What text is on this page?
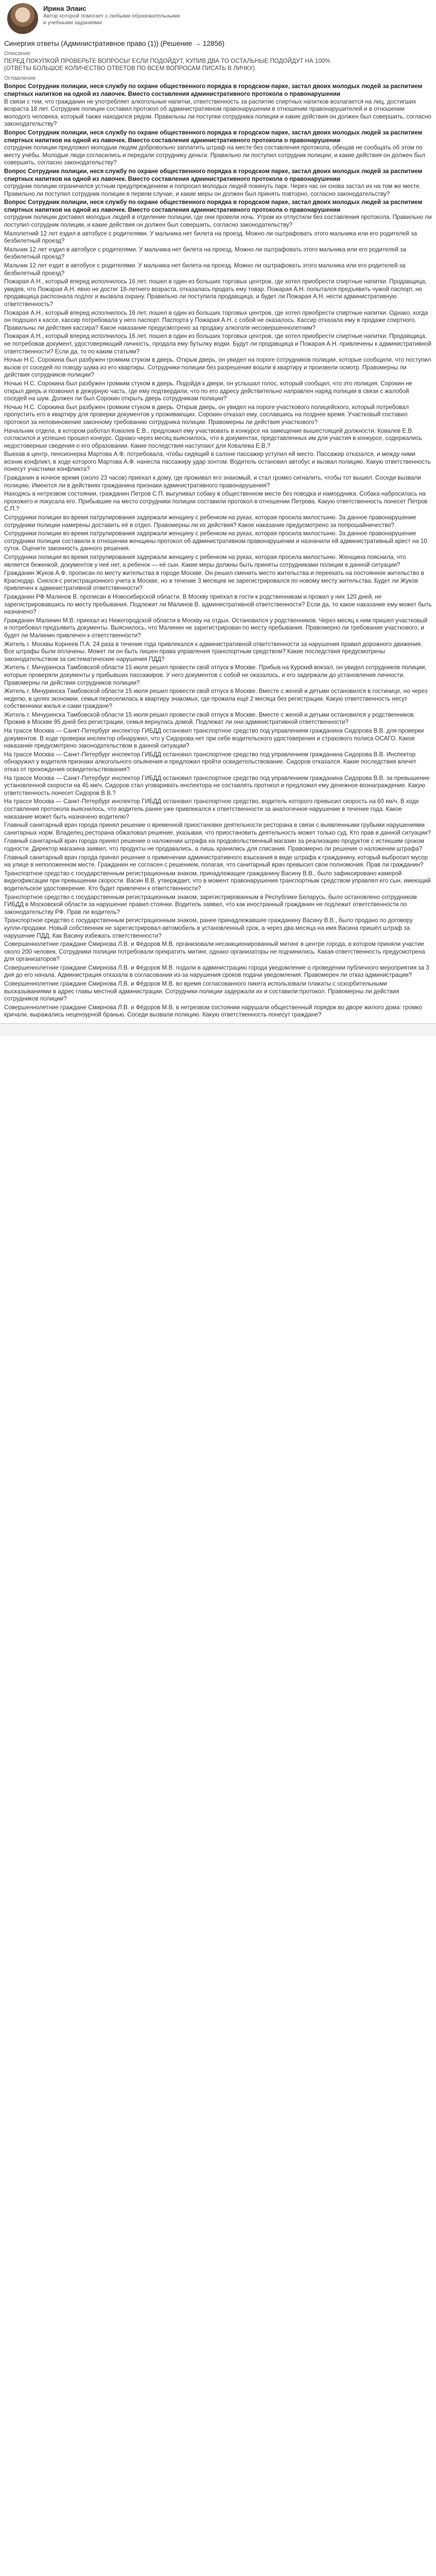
Ирина Элаис
Автор которой помогает с любыми образовательными
и учебными заданиями
Синергия ответы (Административное право (1)) (Решение → 12856)
Описание
ПЕРЕД ПОКУПКОЙ ПРОВЕРЬТЕ ВОПРОСЫ! ЕСЛИ ПОДОЙДУТ, КУПИВ ДВА ТО ОСТАЛЬНЫЕ ПОДОЙДУТ НА 100%
(ОТВЕТЫ БОЛЬШОЕ КОЛИЧЕСТВО ОТВЕТОВ ПО ВСЕМ ВОПРОСАМ ПИСАТЬ В ЛИЧКУ)
Оглавление

Вопрос Сотрудник полиции, неся службу по охране общественного порядка в городском парке, застал двоих молодых людей за распитием спиртных напитков на одной из лавочек. Вместо составления административного протокола о правонарушении

В связи с тем, что гражданин не употребляет алкогольные напитки, ответственность за распитие спиртных напитков возлагается на лиц, достигших возраста 18 лет. Сотрудник полиции составил протокол об административном правонарушении в отношении правонарушителей и в отношении молодого человека, который также находился рядом. Правильны ли поступки сотрудника полиции и какие действия он должен был совершить, согласно законодательству?

Вопрос Сотрудник полиции, неся службу по охране общественного порядка в городском парке, застал двоих молодых людей за распитием спиртных напитков на одной из лавочек. Вместо составления административного протокола о правонарушении

сотрудник полиции предложил молодым людям добровольно заплатить штраф на месте без составления протокола, обещав не сообщать об этом по месту учёбы. Молодые люди согласились и передали сотруднику деньги. Правильно ли поступил сотрудник полиции, и какие действия он должен был совершить, согласно законодательству?

Вопрос Сотрудник полиции, неся службу по охране общественного порядка в городском парке, застал двоих молодых людей за распитием спиртных напитков на одной из лавочек. Вместо составления административного протокола о правонарушении

сотрудник полиции ограничился устным предупреждением и попросил молодых людей покинуть парк. Через час он снова застал их на том же месте. Правильно ли поступил сотрудник полиции в первом случае, и какие меры он должен был принять повторно, согласно законодательству?

Вопрос Сотрудник полиции, неся службу по охране общественного порядка в городском парке, застал двоих молодых людей за распитием спиртных напитков на одной из лавочек. Вместо составления административного протокола о правонарушении

сотрудник полиции доставил молодых людей в отделение полиции, где они провели ночь. Утром их отпустили без составления протокола. Правильно ли поступил сотрудник полиции, и какие действия он должен был совершить, согласно законодательству?

Малолетний 12 лет ездил в автобусе с родителями. У мальчика нет билета на проезд. Можно ли оштрафовать этого мальчика или его родителей за безбилетный проезд?

Мальчик 12 лет ездил в автобусе с родителями. У мальчика нет билета на проезд. Можно ли оштрафовать этого мальчика или его родителей за безбилетный проезд?

Мальчик 12 лет ездит в автобусе с родителями. У мальчика нет билета на проезд. Можно ли оштрафовать этого мальчика или его родителей за безбилетный проезд?

Пожарая А.Н., который вперед исполнилось 16 лет, пошел в один из больших торговых центров, где хотел приобрести спиртные напитки. Продавщица, увидев, что Пожарая А.Н. явно не достиг 18-летнего возраста, отказалась продать ему товар. Пожарая А.Н. попытался предъявить чужой паспорт, но продавщица распознала подлог и вызвала охрану. Правильно ли поступила продавщица, и будет ли Пожарая А.Н. нести административную ответственность?

Пожарая А.Н., который вперед исполнилось 16 лет, пошел в один из больших торговых центров, где хотел приобрести спиртные напитки. Однако, когда он подошел к кассе, кассир потребовала у него паспорт. Паспорта у Пожарая А.Н. с собой не оказалось. Кассир отказала ему в продаже спиртного. Правильны ли действия кассира? Какое наказание предусмотрено за продажу алкоголя несовершеннолетним?

Пожарая А.Н., который вперед исполнилось 16 лет, пошел в один из больших торговых центров, где хотел приобрести спиртные напитки. Продавщица, не потребовав документ, удостоверяющий личность, продала ему бутылку водки. Будут ли продавщица и Пожарая А.Н. привлечены к административной ответственности? Если да, то по каким статьям?

Ночью Н.С. Сорокина был разбужен громким стуком в дверь. Открыв дверь, он увидел на пороге сотрудников полиции, которые сообщили, что поступил вызов от соседей по поводу шума из его квартиры. Сотрудники полиции без разрешения вошли в квартиру и произвели осмотр. Правомерны ли действия сотрудников полиции?

Ночью Н.С. Сорокина был разбужен громким стуком в дверь. Подойдя к двери, он услышал голос, который сообщил, что это полиция. Сорокин не открыл дверь и позвонил в дежурную часть, где ему подтвердили, что по его адресу действительно направлен наряд полиции в связи с жалобой соседей на шум. Должен ли был Сорокин открыть дверь сотрудникам полиции?

Ночью Н.С. Сорокина был разбужен громким стуком в дверь. Открыв дверь, он увидел на пороге участкового полицейского, который потребовал пропустить его в квартиру для проверки документов у проживающих. Сорокин отказал ему, сославшись на позднее время. Участковый составил протокол за неповиновение законному требованию сотрудника полиции. Правомерны ли действия участкового?

Начальник отдела, в котором работал Ковалев Е.В., предложил ему участвовать в конкурсе на замещение вышестоящей должности. Ковалев Е.В. согласился и успешно прошел конкурс. Однако через месяц выяснилось, что в документах, представленных им для участия в конкурсе, содержались недостоверные сведения о его образовании. Какие последствия наступают для Ковалева Е.В.?

Выехав в центр, пенсионерка Мартова А.Ф. потребовала, чтобы сидящий в салоне пассажир уступил ей место. Пассажир отказался, и между ними возник конфликт, в ходе которого Мартова А.Ф. нанесла пассажиру удар зонтом. Водитель остановил автобус и вызвал полицию. Какую ответственность понесут участники конфликта?

Гражданин в ночное время (около 23 часов) приехал к дому, где проживал его знакомый, и стал громко сигналить, чтобы тот вышел. Соседи вызвали полицию. Имеются ли в действиях гражданина признаки административного правонарушения?

Находясь в нетрезвом состоянии, гражданин Петров С.П. выгуливал собаку в общественном месте без поводка и намордника. Собака набросилась на прохожего и покусала его. Прибывшие на место сотрудники полиции составили протокол в отношении Петрова. Какую ответственность понесет Петров С.П.?

Сотрудники полиции во время патрулирования задержали женщину с ребенком на руках, которая просила милостыню. За данное правонарушение сотрудники полиции намерены доставить её в отдел. Правомерны ли их действия? Какое наказание предусмотрено за попрошайничество?

Сотрудники полиции во время патрулирования задержали женщину с ребенком на руках, которая просила милостыню. За данное правонарушение сотрудники полиции составили в отношении женщины протокол об административном правонарушении и назначили ей административный арест на 10 суток. Оцените законность данного решения.

Сотрудники полиции во время патрулирования задержали женщину с ребенком на руках, которая просила милостыню. Женщина пояснила, что является беженкой, документов у неё нет, а ребенок — её сын. Какие меры должны быть приняты сотрудниками полиции в данной ситуации?

Гражданин Жуков А.Ф. прописан по месту жительства в городе Москве. Он решил сменить место жительства и переехать на постоянное жительство в Краснодар. Снялся с регистрационного учета в Москве, но в течение 3 месяцев не зарегистрировался по новому месту жительства. Будет ли Жуков привлечен к административной ответственности?

Гражданин РФ Малинов В. прописан в Новосибирской области. В Москву приехал в гости к родственникам и прожил у них 120 дней, не зарегистрировавшись по месту пребывания. Подлежит ли Малинов В. административной ответственности? Если да, то какое наказание ему может быть назначено?

Гражданин Малинин М.В. приехал из Нижегородской области в Москву на отдых. Остановился у родственников. Через месяц к ним пришел участковый и потребовал предъявить документы. Выяснилось, что Малинин не зарегистрирован по месту пребывания. Правомерно ли требование участкового, и будет ли Малинин привлечен к ответственности?

Житель г. Москвы Корнеев П.А. 24 раза в течение года привлекался к административной ответственности за нарушения правил дорожного движения. Все штрафы были оплачены. Может ли он быть лишен права управления транспортным средством? Какие последствия предусмотрены законодательством за систематические нарушения ПДД?

Житель г. Мичуринска Тамбовской области 15 июля решил провести свой отпуск в Москве. Прибыв на Курский вокзал, он увидел сотрудников полиции, которые проверяли документы у прибывших пассажиров. У него документов с собой не оказалось, и его задержали до установления личности. Правомерны ли действия сотрудников полиции?

Житель г. Мичуринска Тамбовской области 15 июля решил провести свой отпуск в Москве. Вместе с женой и детьми остановился в гостинице, но через неделю, в целях экономии, семья переселилась в квартиру знакомых, где прожила ещё 2 месяца без регистрации. Какую ответственность несут собственники жилья и сами граждане?

Житель г. Мичуринска Тамбовской области 15 июля решил провести свой отпуск в Москве. Вместе с женой и детьми остановился у родственников. Прожив в Москве 95 дней без регистрации, семья вернулась домой. Подлежат ли они административной ответственности?

На трассе Москва — Санкт-Петербург инспектор ГИБДД остановил транспортное средство под управлением гражданина Сидорова В.В. для проверки документов. В ходе проверки инспектор обнаружил, что у Сидорова нет при себе водительского удостоверения и страхового полиса ОСАГО. Какое наказание предусмотрено законодательством в данной ситуации?

На трассе Москва — Санкт-Петербург инспектор ГИБДД остановил транспортное средство под управлением гражданина Сидорова В.В. Инспектор обнаружил у водителя признаки алкогольного опьянения и предложил пройти освидетельствование. Сидоров отказался. Какие последствия влечет отказ от прохождения освидетельствования?

На трассе Москва — Санкт-Петербург инспектор ГИБДД остановил транспортное средство под управлением гражданина Сидорова В.В. за превышение установленной скорости на 45 км/ч. Сидоров стал уговаривать инспектора не составлять протокол и предложил ему денежное вознаграждение. Какую ответственность понесет Сидоров В.В.?

На трассе Москва — Санкт-Петербург инспектор ГИБДД остановил транспортное средство, водитель которого превысил скорость на 60 км/ч. В ходе составления протокола выяснилось, что водитель ранее уже привлекался к ответственности за аналогичное нарушение в течение года. Какое наказание может быть назначено водителю?

Главный санитарный врач города принял решение о временной приостановке деятельности ресторана в связи с выявленными грубыми нарушениями санитарных норм. Владелец ресторана обжаловал решение, указывая, что приостановить деятельность может только суд. Кто прав в данной ситуации?

Главный санитарный врач города принял решение о наложении штрафа на продовольственный магазин за реализацию продуктов с истекшим сроком годности. Директор магазина заявил, что продукты не продавались, а лишь хранились для списания. Правомерно ли решение о наложении штрафа?

Главный санитарный врач города принял решение о применении административного взыскания в виде штрафа к гражданину, который выбросил мусор на улице в неположенном месте. Гражданин не согласен с решением, полагая, что санитарный врач превысил свои полномочия. Прав ли гражданин?

Транспортное средство с государственным регистрационным знаком, принадлежащее гражданину Васину В.В., было зафиксировано камерой видеофиксации при превышении скорости. Васин В.В. утверждает, что в момент правонарушения транспортным средством управлял его сын, имеющий водительское удостоверение. Кто будет привлечен к ответственности?

Транспортное средство с государственным регистрационным знаком, зарегистрированным в Республике Беларусь, было остановлено сотрудником ГИБДД в Московской области за нарушение правил стоянки. Водитель заявил, что как иностранный гражданин не подлежит ответственности по законодательству РФ. Прав ли водитель?

Транспортное средство с государственным регистрационным знаком, ранее принадлежавшее гражданину Васину В.В., было продано по договору купли-продажи. Новый собственник не зарегистрировал автомобиль в установленный срок, а через два месяца на имя Васина пришёл штраф за нарушение ПДД. Как Васину избежать ответственности?

Совершеннолетние граждане Смирнова Л.В. и Фёдоров М.В. организовали несанкционированный митинг в центре города, в котором приняли участие около 200 человек. Сотрудники полиции потребовали прекратить митинг, однако организаторы не подчинились. Какая ответственность предусмотрена для организаторов?

Совершеннолетние граждане Смирнова Л.В. и Фёдоров М.В. подали в администрацию города уведомление о проведении публичного мероприятия за 3 дня до его начала. Администрация отказала в согласовании из-за нарушения сроков подачи уведомления. Правомерен ли отказ администрации?

Совершеннолетние граждане Смирнова Л.В. и Фёдоров М.В. во время согласованного пикета использовали плакаты с оскорбительными высказываниями в адрес главы местной администрации. Сотрудники полиции задержали их и составили протокол. Правомерны ли действия сотрудников полиции?

Совершеннолетние граждане Смирнова Л.В. и Фёдоров М.В. в нетрезвом состоянии нарушали общественный порядок во дворе жилого дома: громко кричали, выражались нецензурной бранью. Соседи вызвали полицию. Какую ответственность понесут граждане?
